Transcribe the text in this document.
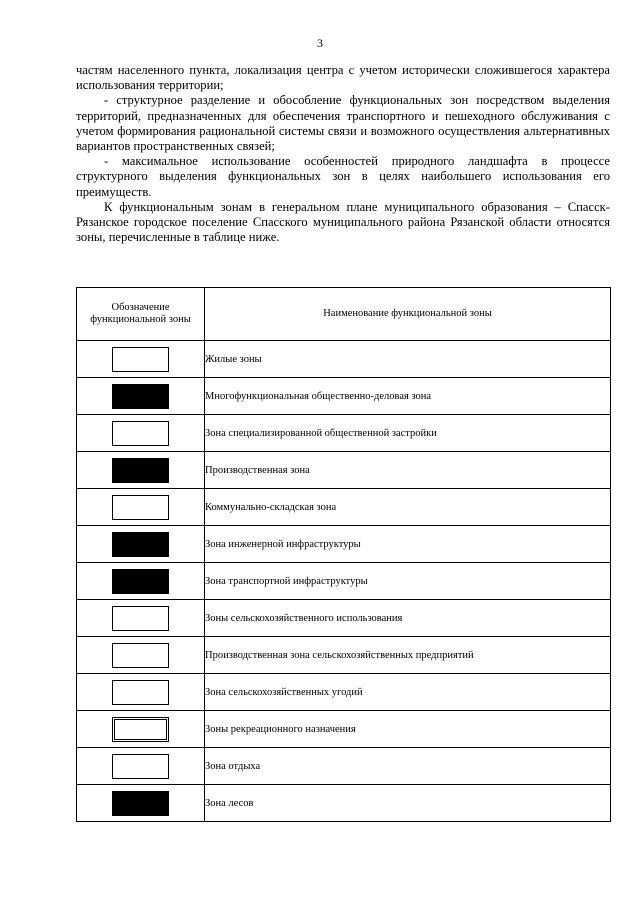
3

частям населенного пункта, локализация центра с учетом исторически сложившегося характера использования территории;

- структурное разделение и обособление функциональных зон посредством выделения территорий, предназначенных для обеспечения транспортного и пешеходного обслуживания с учетом формирования рациональной системы связи и возможного осуществления альтернативных вариантов пространственных связей;

- максимальное использование особенностей природного ландшафта в процессе структурного выделения функциональных зон в целях наибольшего использования его преимуществ.

К функциональным зонам в генеральном плане муниципального образования – Спасск-Рязанское городское поселение Спасского муниципального района Рязанской области относятся зоны, перечисленные в таблице ниже.

Обозначение функциональной зоны	Наименование функциональной зоны
	Жилые зоны
	Многофункциональная общественно-деловая зона
	Зона специализированной общественной застройки
	Производственная зона
	Коммунально-складская зона
	Зона инженерной инфраструктуры
	Зона транспортной инфраструктуры
	Зоны сельскохозяйственного использования
	Производственная зона сельскохозяйственных предприятий
	Зона сельскохозяйственных угодий
	Зоны рекреационного назначения
	Зона отдыха
	Зона лесов
